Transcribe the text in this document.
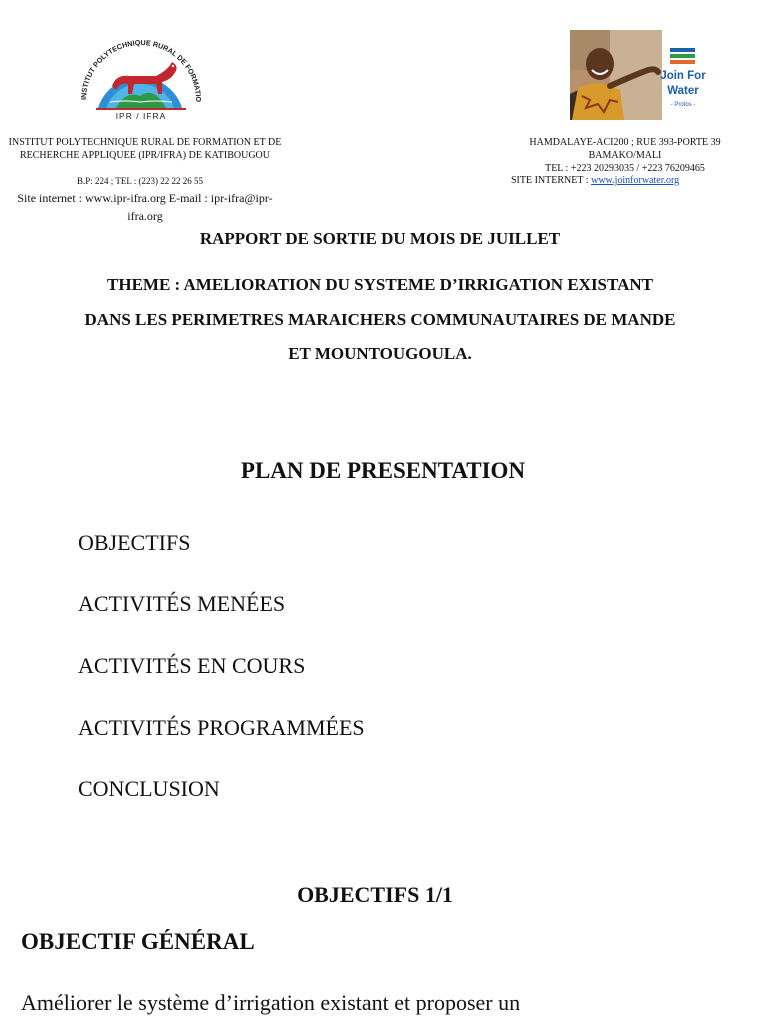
INSTITUT POLYTECHNIQUE RURAL DE FORMATIO
IPR / IFRA
Join For
Water
- Protos -
INSTITUT POLYTECHNIQUE RURAL DE FORMATION ET DE
RECHERCHE APPLIQUEE (IPR/IFRA) DE KATIBOUGOU
B.P: 224 ; TEL : (223) 22 22 26 55
Site internet : www.ipr-ifra.org E-mail : ipr-ifra@ipr-
ifra.org
HAMDALAYE-ACI200 ; RUE 393-PORTE 39
BAMAKO/MALI
TEL : +223 20293035 / +223 76209465
SITE INTERNET : www.joinforwater.org
RAPPORT DE SORTIE DU MOIS DE JUILLET
THEME : AMELIORATION DU SYSTEME D’IRRIGATION EXISTANT
DANS LES PERIMETRES MARAICHERS COMMUNAUTAIRES DE MANDE
ET MOUNTOUGOULA.
PLAN DE PRESENTATION
OBJECTIFS
ACTIVITÉS MENÉES
ACTIVITÉS EN COURS
ACTIVITÉS PROGRAMMÉES
CONCLUSION
OBJECTIFS 1/1
OBJECTIF GÉNÉRAL
Améliorer le système d’irrigation existant et proposer un
